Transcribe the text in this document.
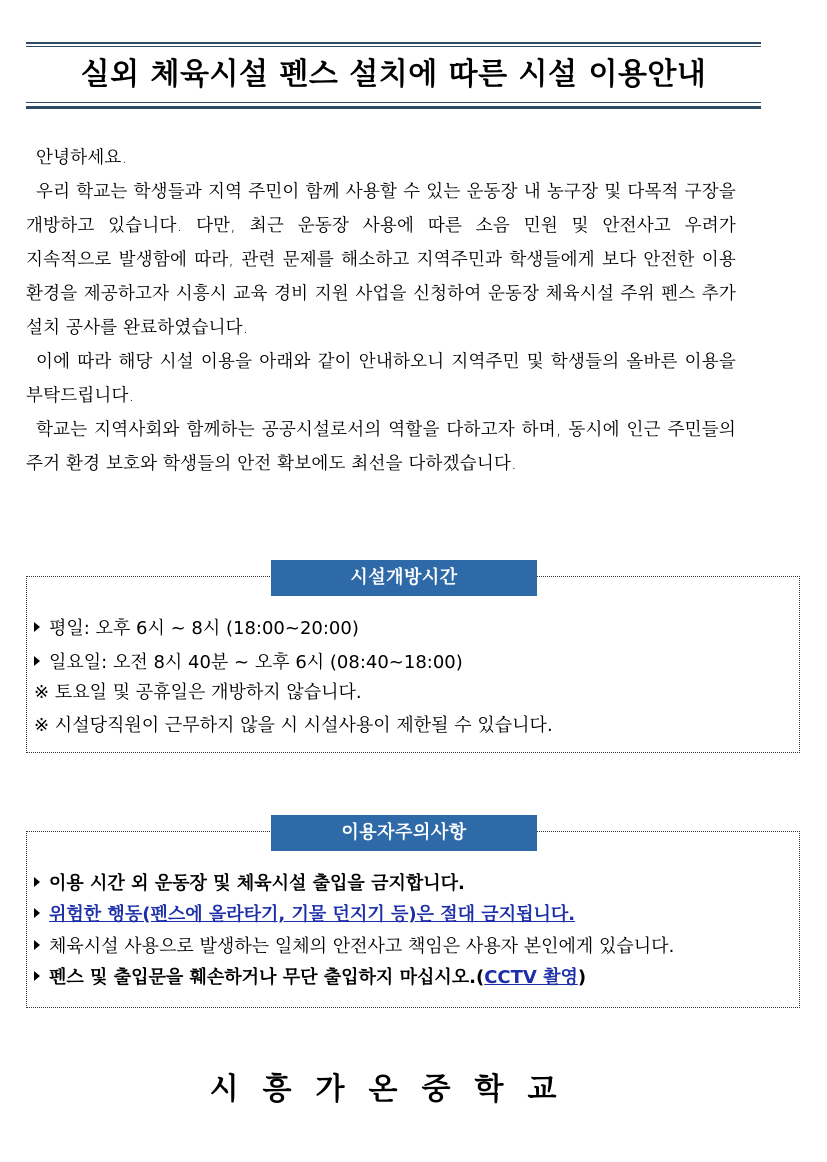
실외 체육시설 펜스 설치에 따른 시설 이용안내

안녕하세요.

우리 학교는 학생들과 지역 주민이 함께 사용할 수 있는 운동장 내 농구장 및 다목적 구장을 개방하고 있습니다. 다만, 최근 운동장 사용에 따른 소음 민원 및 안전사고 우려가 지속적으로 발생함에 따라, 관련 문제를 해소하고 지역주민과 학생들에게 보다 안전한 이용 환경을 제공하고자 시흥시 교육 경비 지원 사업을 신청하여 운동장 체육시설 주위 펜스 추가 설치 공사를 완료하였습니다.

이에 따라 해당 시설 이용을 아래와 같이 안내하오니 지역주민 및 학생들의 올바른 이용을 부탁드립니다.

학교는 지역사회와 함께하는 공공시설로서의 역할을 다하고자 하며, 동시에 인근 주민들의 주거 환경 보호와 학생들의 안전 확보에도 최선을 다하겠습니다.

시설개방시간
평일: 오후 6시 ~ 8시 (18:00~20:00)
일요일: 오전 8시 40분 ~ 오후 6시 (08:40~18:00)
※ 토요일 및 공휴일은 개방하지 않습니다.
※ 시설당직원이 근무하지 않을 시 시설사용이 제한될 수 있습니다.
이용자주의사항
이용 시간 외 운동장 및 체육시설 출입을 금지합니다.
위험한 행동(펜스에 올라타기, 기물 던지기 등)은 절대 금지됩니다.
체육시설 사용으로 발생하는 일체의 안전사고 책임은 사용자 본인에게 있습니다.
펜스 및 출입문을 훼손하거나 무단 출입하지 마십시오.(CCTV 촬영)
시흥가온중학교
